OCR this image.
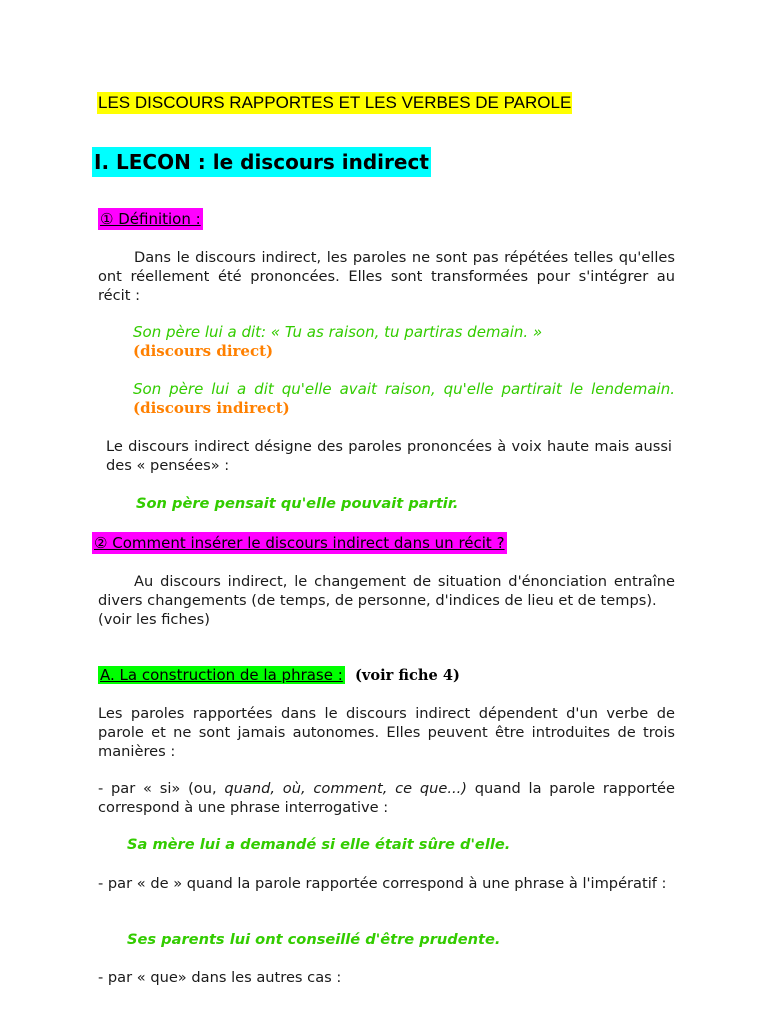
LES DISCOURS RAPPORTES ET LES VERBES DE PAROLE
I. LECON : le discours indirect
① Définition :
Dans le discours indirect, les paroles ne sont pas répétées telles qu'elles ont réellement été prononcées. Elles sont transformées pour s'intégrer au récit :
Son père lui a dit: « Tu as raison, tu partiras demain. »
(discours direct)
Son père lui a dit qu'elle avait raison, qu'elle partirait le lendemain. (discours indirect)
Le discours indirect désigne des paroles prononcées à voix haute mais aussi des « pensées» :
Son père pensait qu'elle pouvait partir.
② Comment insérer le discours indirect dans un récit ?
Au discours indirect, le changement de situation d'énonciation entraîne divers changements (de temps, de personne, d'indices de lieu et de temps).
(voir les fiches)
A. La construction de la phrase : (voir fiche 4)
Les paroles rapportées dans le discours indirect dépendent d'un verbe de parole et ne sont jamais autonomes. Elles peuvent être introduites de trois manières :
- par « si» (ou, quand, où, comment, ce que...) quand la parole rapportée correspond à une phrase interrogative :
Sa mère lui a demandé si elle était sûre d'elle.
- par « de » quand la parole rapportée correspond à une phrase à l'impératif :
Ses parents lui ont conseillé d'être prudente.
- par « que» dans les autres cas :
